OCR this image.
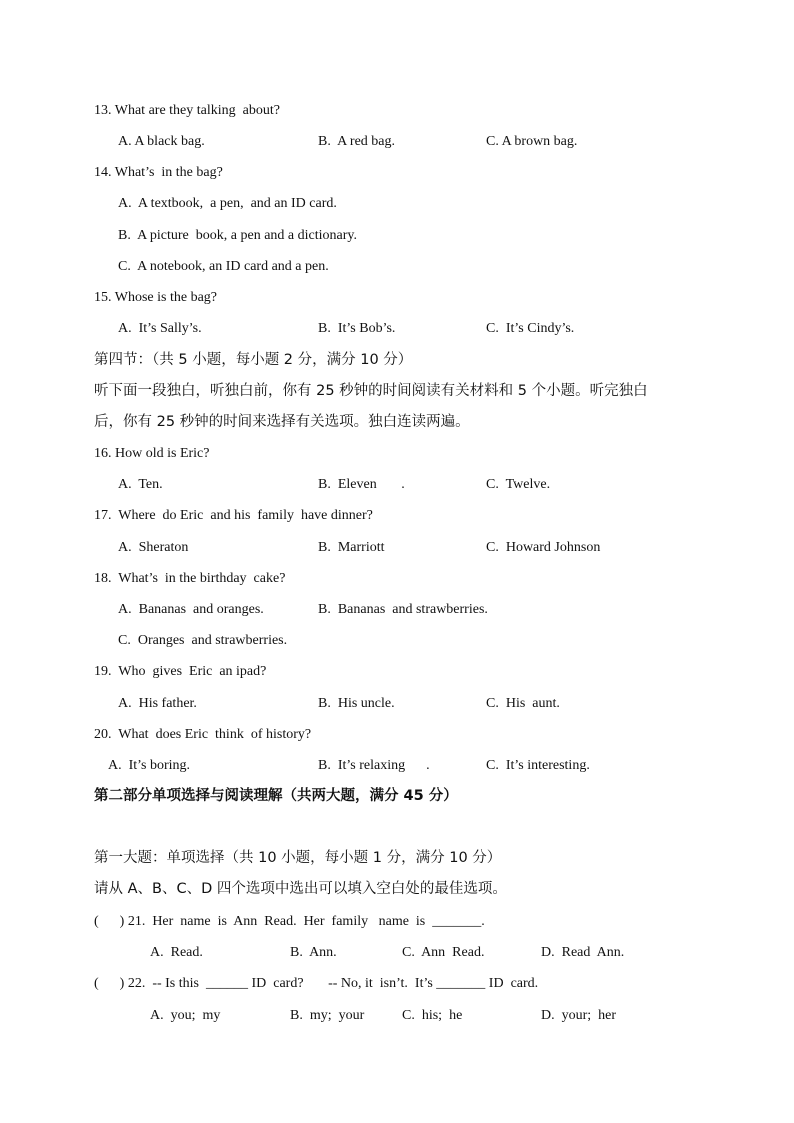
13. What are they talking  about?
A. A black bag.	B.  A red bag.	C. A brown bag.
14. What’s  in the bag?
A.  A textbook,  a pen,  and an ID card.
B.  A picture  book, a pen and a dictionary.
C.  A notebook, an ID card and a pen.
15. Whose is the bag?
A.  It’s Sally’s.	B.  It’s Bob’s.	C.  It’s Cindy’s.
第四节：（共 5 小题，每小题 2 分，满分 10 分）
听下面一段独白，听独白前，你有 25 秒钟的时间阅读有关材料和 5 个小题。听完独白
后，你有 25 秒钟的时间来选择有关选项。独白连读两遍。
16. How old is Eric?
A.  Ten.	B.  Eleven       .	C.  Twelve.
17.  Where  do Eric  and his  family  have dinner?
A.  Sheraton	B.  Marriott	C.  Howard Johnson
18.  What’s  in the birthday  cake?
A.  Bananas  and oranges.	B.  Bananas  and strawberries.
C.  Oranges  and strawberries.
19.  Who  gives  Eric  an ipad?
A.  His father.	B.  His uncle.	C.  His  aunt.
20.  What  does Eric  think  of history?
A.  It’s boring.	B.  It’s relaxing      .	C.  It’s interesting.
第二部分单项选择与阅读理解（共两大题，满分 45 分）
第一大题：单项选择（共 10 小题，每小题 1 分，满分 10 分）
请从 A、B、C、D 四个选项中选出可以填入空白处的最佳选项。
(      ) 21.  Her  name  is  Ann  Read.  Her  family   name  is  _______.
A.  Read.	B.  Ann.	C.  Ann  Read.	D.  Read  Ann.
(      ) 22.  -- Is this  ______ ID  card?       -- No, it  isn’t.  It’s _______ ID  card.
A.  you;  my	B.  my;  your	C.  his;  he	D.  your;  her
